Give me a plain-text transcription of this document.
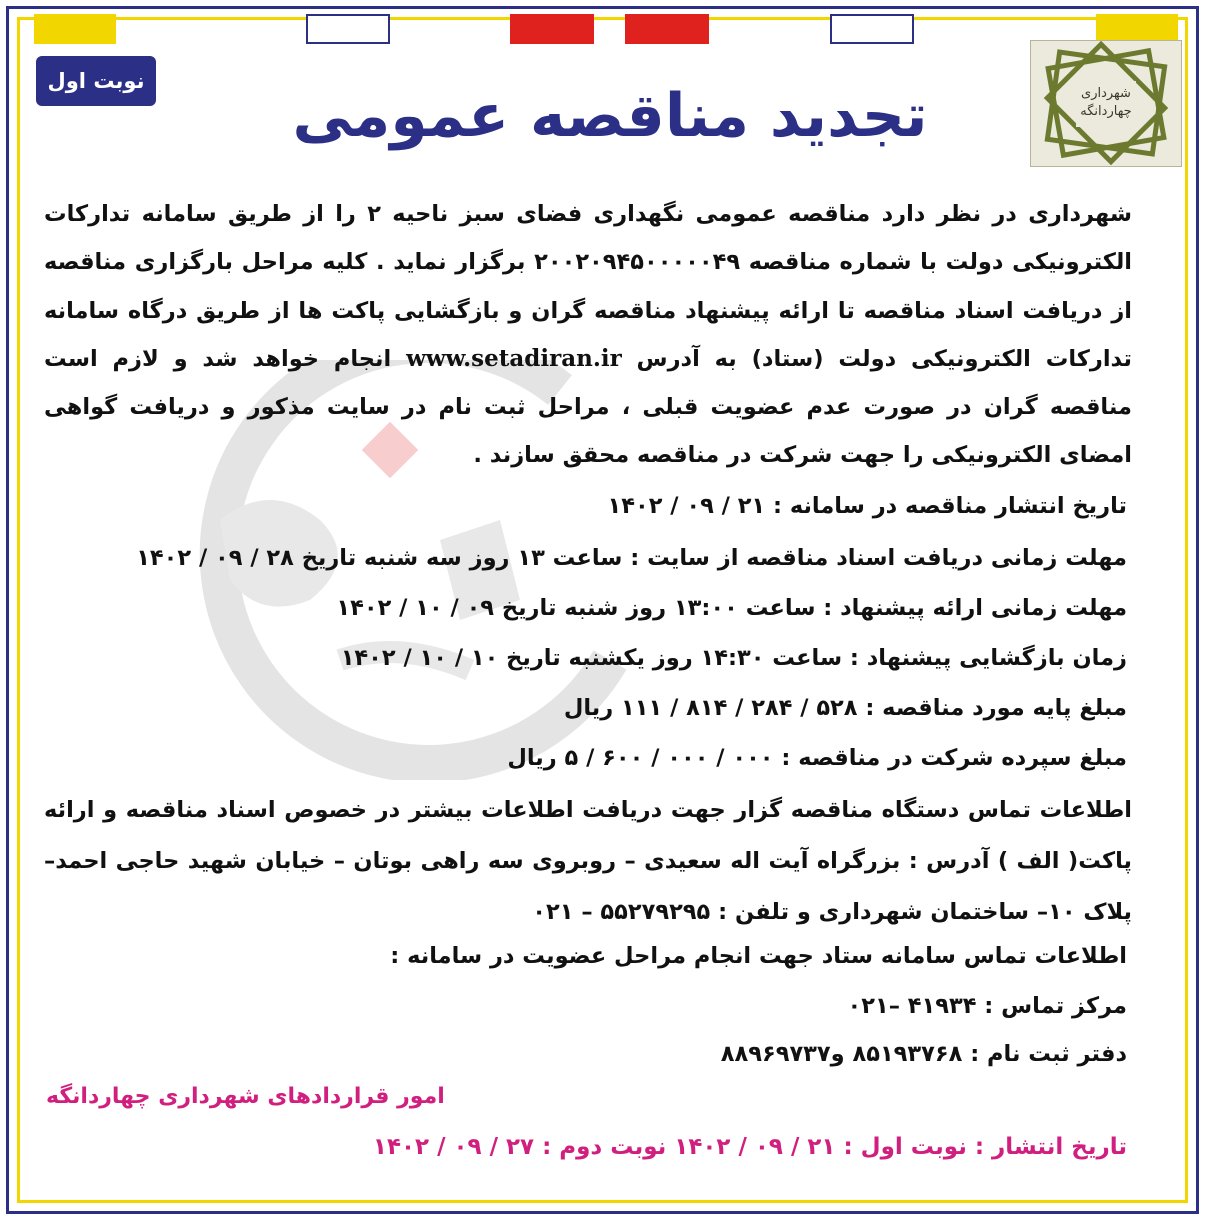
شهرداری
چهاردانگه
نوبت اول	تجدید مناقصه عمومی

شهرداری در نظر دارد مناقصه عمومی نگهداری فضای سبز ناحیه ۲ را از طریق سامانه تدارکات الکترونیکی دولت با شماره مناقصه ۲۰۰۲۰۹۴۵۰۰۰۰۰۴۹ برگزار نماید . کلیه مراحل بارگزاری مناقصه از دریافت اسناد مناقصه تا ارائه پیشنهاد مناقصه گران و بازگشایی پاکت ها از طریق درگاه سامانه تدارکات الکترونیکی دولت (ستاد) به آدرس www.setadiran.ir انجام خواهد شد و لازم است مناقصه گران در صورت عدم عضویت قبلی ، مراحل ثبت نام در سایت مذکور و دریافت گواهی امضای الکترونیکی را جهت شرکت در مناقصه محقق سازند .

تاریخ انتشار مناقصه در سامانه : ۲۱ / ۰۹ / ۱۴۰۲
مهلت زمانی دریافت اسناد مناقصه از سایت : ساعت ۱۳ روز سه شنبه تاریخ ۲۸ / ۰۹ / ۱۴۰۲
مهلت زمانی ارائه پیشنهاد : ساعت ۱۳:۰۰ روز شنبه تاریخ ۰۹ / ۱۰ / ۱۴۰۲
زمان بازگشایی پیشنهاد : ساعت ۱۴:۳۰ روز یکشنبه تاریخ ۱۰ / ۱۰ / ۱۴۰۲
مبلغ پایه مورد مناقصه : ۵۲۸ / ۲۸۴ / ۸۱۴ / ۱۱۱ ریال
مبلغ سپرده شرکت در مناقصه : ۰۰۰ / ۰۰۰ / ۶۰۰ / ۵ ریال
اطلاعات تماس دستگاه مناقصه گزار جهت دریافت اطلاعات بیشتر در خصوص اسناد مناقصه و ارائه پاکت( الف ) آدرس : بزرگراه آیت اله سعیدی – روبروی سه راهی بوتان – خیابان شهید حاجی احمد– پلاک ۱۰– ساختمان شهرداری و تلفن : ۵۵۲۷۹۲۹۵ – ۰۲۱
اطلاعات تماس سامانه ستاد جهت انجام مراحل عضویت در سامانه :
مرکز تماس : ۴۱۹۳۴ –۰۲۱
دفتر ثبت نام : ۸۵۱۹۳۷۶۸ و۸۸۹۶۹۷۳۷
امور قراردادهای شهرداری چهاردانگه
تاریخ انتشار : نوبت اول : ۲۱ / ۰۹ / ۱۴۰۲ نوبت دوم : ۲۷ / ۰۹ / ۱۴۰۲
